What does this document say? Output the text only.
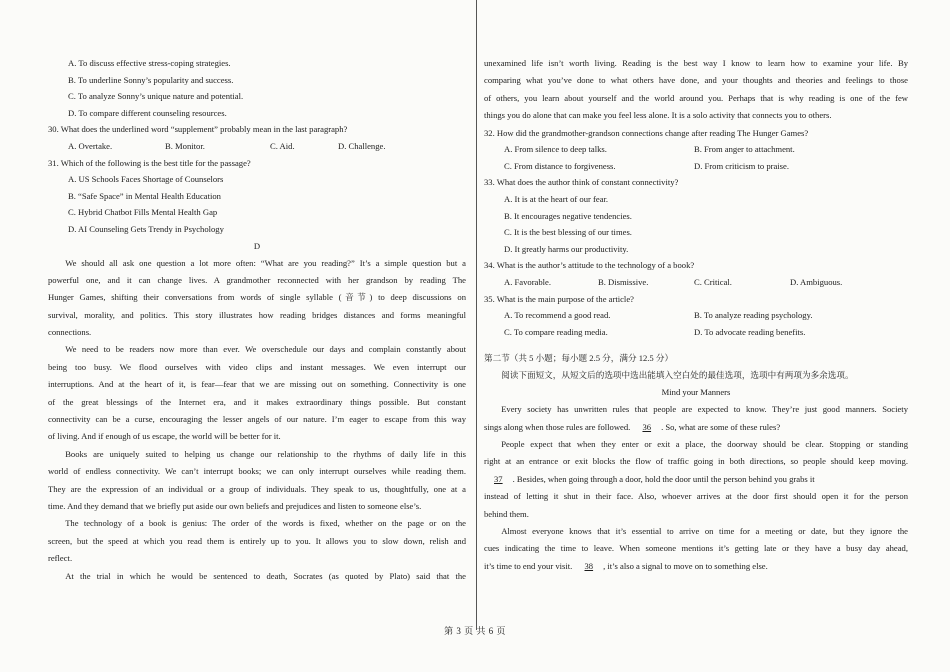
A. To discuss effective stress-coping strategies.
B. To underline Sonny’s popularity and success.
C. To analyze Sonny’s unique nature and potential.
D. To compare different counseling resources.
30. What does the underlined word “supplement” probably mean in the last paragraph?
A. Overtake.	B. Monitor.	C. Aid.	D. Challenge.
31. Which of the following is the best title for the passage?
A. US Schools Faces Shortage of Counselors
B. “Safe Space” in Mental Health Education
C. Hybrid Chatbot Fills Mental Health Gap
D. AI Counseling Gets Trendy in Psychology
D
We should all ask one question a lot more often: “What are you reading?” It’s a simple question but a
powerful one, and it can change lives. A grandmother reconnected with her grandson by reading The
Hunger Games, shifting their conversations from words of single syllable (音节) to deep discussions on
survival, morality, and politics. This story illustrates how reading bridges distances and forms meaningful
connections.
We need to be readers now more than ever. We overschedule our days and complain constantly about
being too busy. We flood ourselves with video clips and instant messages. We even interrupt our
interruptions. And at the heart of it, is fear—fear that we are missing out on something. Connectivity is one
of the great blessings of the Internet era, and it makes extraordinary things possible. But constant
connectivity can be a curse, encouraging the lesser angels of our nature. I’m eager to escape from this way
of living. And if enough of us escape, the world will be better for it.
Books are uniquely suited to helping us change our relationship to the rhythms of daily life in this
world of endless connectivity. We can’t interrupt books; we can only interrupt ourselves while reading them.
They are the expression of an individual or a group of individuals. They speak to us, thoughtfully, one at a
time. And they demand that we briefly put aside our own beliefs and prejudices and listen to someone else’s.
The technology of a book is genius: The order of the words is fixed, whether on the page or on the
screen, but the speed at which you read them is entirely up to you. It allows you to slow down, relish and
reflect.
At the trial in which he would be sentenced to death, Socrates (as quoted by Plato) said that the
unexamined life isn’t worth living. Reading is the best way I know to learn how to examine your life. By
comparing what you’ve done to what others have done, and your thoughts and theories and feelings to those
of others, you learn about yourself and the world around you. Perhaps that is why reading is one of the few
things you do alone that can make you feel less alone. It is a solo activity that connects you to others.
32. How did the grandmother-grandson connections change after reading The Hunger Games?
A. From silence to deep talks.	B. From anger to attachment.
C. From distance to forgiveness.	D. From criticism to praise.
33. What does the author think of constant connectivity?
A. It is at the heart of our fear.
B. It encourages negative tendencies.
C. It is the best blessing of our times.
D. It greatly harms our productivity.
34. What is the author’s attitude to the technology of a book?
A. Favorable.	B. Dismissive.	C. Critical.	D. Ambiguous.
35. What is the main purpose of the article?
A. To recommend a good read.	B. To analyze reading psychology.
C. To compare reading media.	D. To advocate reading benefits.
第二节（共 5 小题；每小题 2.5 分，满分 12.5 分）
阅读下面短文，从短文后的选项中选出能填入空白处的最佳选项，选项中有两项为多余选项。
Mind your Manners
Every society has unwritten rules that people are expected to know. They’re just good manners. Society
sings along when those rules are followed. 36 . So, what are some of these rules?
People expect that when they enter or exit a place, the doorway should be clear. Stopping or standing
right at an entrance or exit blocks the flow of traffic going in both directions, so people should keep moving.
37 . Besides, when going through a door, hold the door until the person behind you grabs it
instead of letting it shut in their face. Also, whoever arrives at the door first should open it for the person
behind them.
Almost everyone knows that it’s essential to arrive on time for a meeting or date, but they ignore the
cues indicating the time to leave. When someone mentions it’s getting late or they have a busy day ahead,
it’s time to end your visit. 38 , it’s also a signal to move on to something else.
第 3 页 共 6 页
